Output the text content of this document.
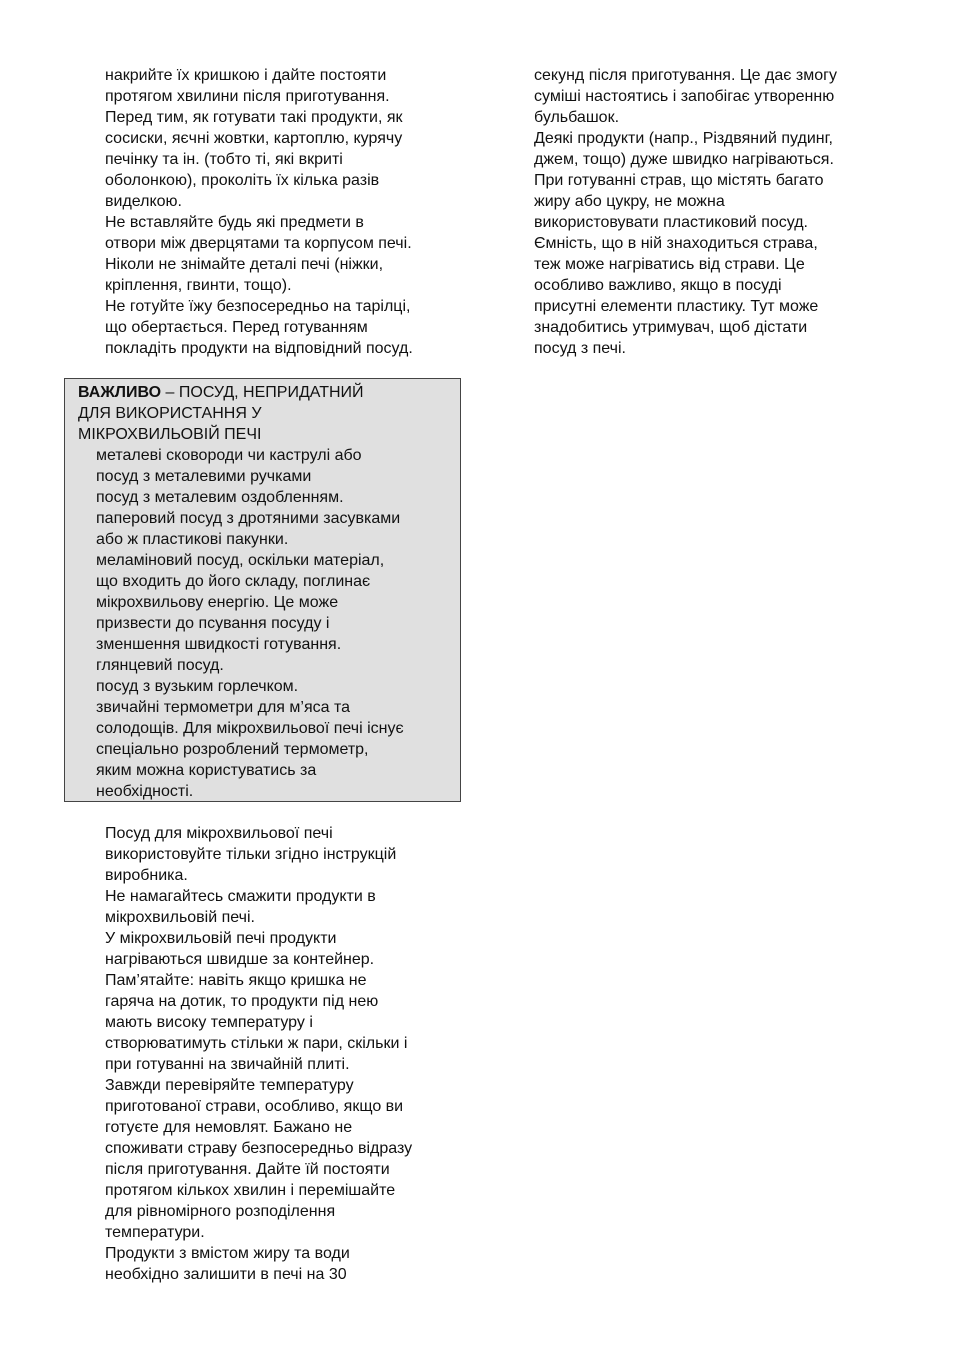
накрийте їх кришкою і дайте постояти

протягом хвилини після приготування.

Перед тим, як готувати такі продукти, як

сосиски, яєчні жовтки, картоплю, курячу

печінку та ін. (тобто ті, які вкриті

оболонкою), проколіть їх кілька разів

виделкою.

Не вставляйте будь які предмети в

отвори між дверцятами та корпусом печі.

Ніколи не знімайте деталі печі (ніжки,

кріплення, гвинти, тощо).

Не готуйте їжу безпосередньо на тарілці,

що обертається. Перед готуванням

покладіть продукти на відповідний посуд.

ВАЖЛИВО – ПОСУД, НЕПРИДАТНИЙ

ДЛЯ ВИКОРИСТАННЯ У

МІКРОХВИЛЬОВІЙ ПЕЧІ

металеві сковороди чи каструлі або
посуд з металевими ручками
посуд з металевим оздобленням.
паперовий посуд з дротяними засувками
або ж пластикові пакунки.
меламіновий посуд, оскільки матеріал,
що входить до його складу, поглинає
мікрохвильову енергію. Це може
призвести до псування посуду і
зменшення швидкості готування.
глянцевий посуд.
посуд з вузьким горлечком.
звичайні термометри для м’яса та
солодощів. Для мікрохвильової печі існує
спеціально розроблений термометр,
яким можна користуватись за
необхідності.

Посуд для мікрохвильової печі

використовуйте тільки згідно інструкцій

виробника.

Не намагайтесь смажити продукти в

мікрохвильовій печі.

У мікрохвильовій печі продукти

нагріваються швидше за контейнер.

Пам’ятайте: навіть якщо кришка не

гаряча на дотик, то продукти під нею

мають високу температуру і

створюватимуть стільки ж пари, скільки і

при готуванні на звичайній плиті.

Завжди перевіряйте температуру

приготованої страви, особливо, якщо ви

готуєте для немовлят. Бажано не

споживати страву безпосередньо відразу

після приготування. Дайте їй постояти

протягом кількох хвилин і перемішайте

для рівномірного розподілення

температури.

Продукти з вмістом жиру та води

необхідно залишити в печі на 30

секунд після приготування. Це дає змогу

суміші настоятись і запобігає утворенню

бульбашок.

Деякі продукти (напр., Різдвяний пудинг,

джем, тощо) дуже швидко нагріваються.

При готуванні страв, що містять багато

жиру або цукру, не можна

використовувати пластиковий посуд.

Ємність, що в ній знаходиться страва,

теж може нагріватись від страви. Це

особливо важливо, якщо в посуді

присутні елементи пластику. Тут може

знадобитись утримувач, щоб дістати

посуд з печі.
